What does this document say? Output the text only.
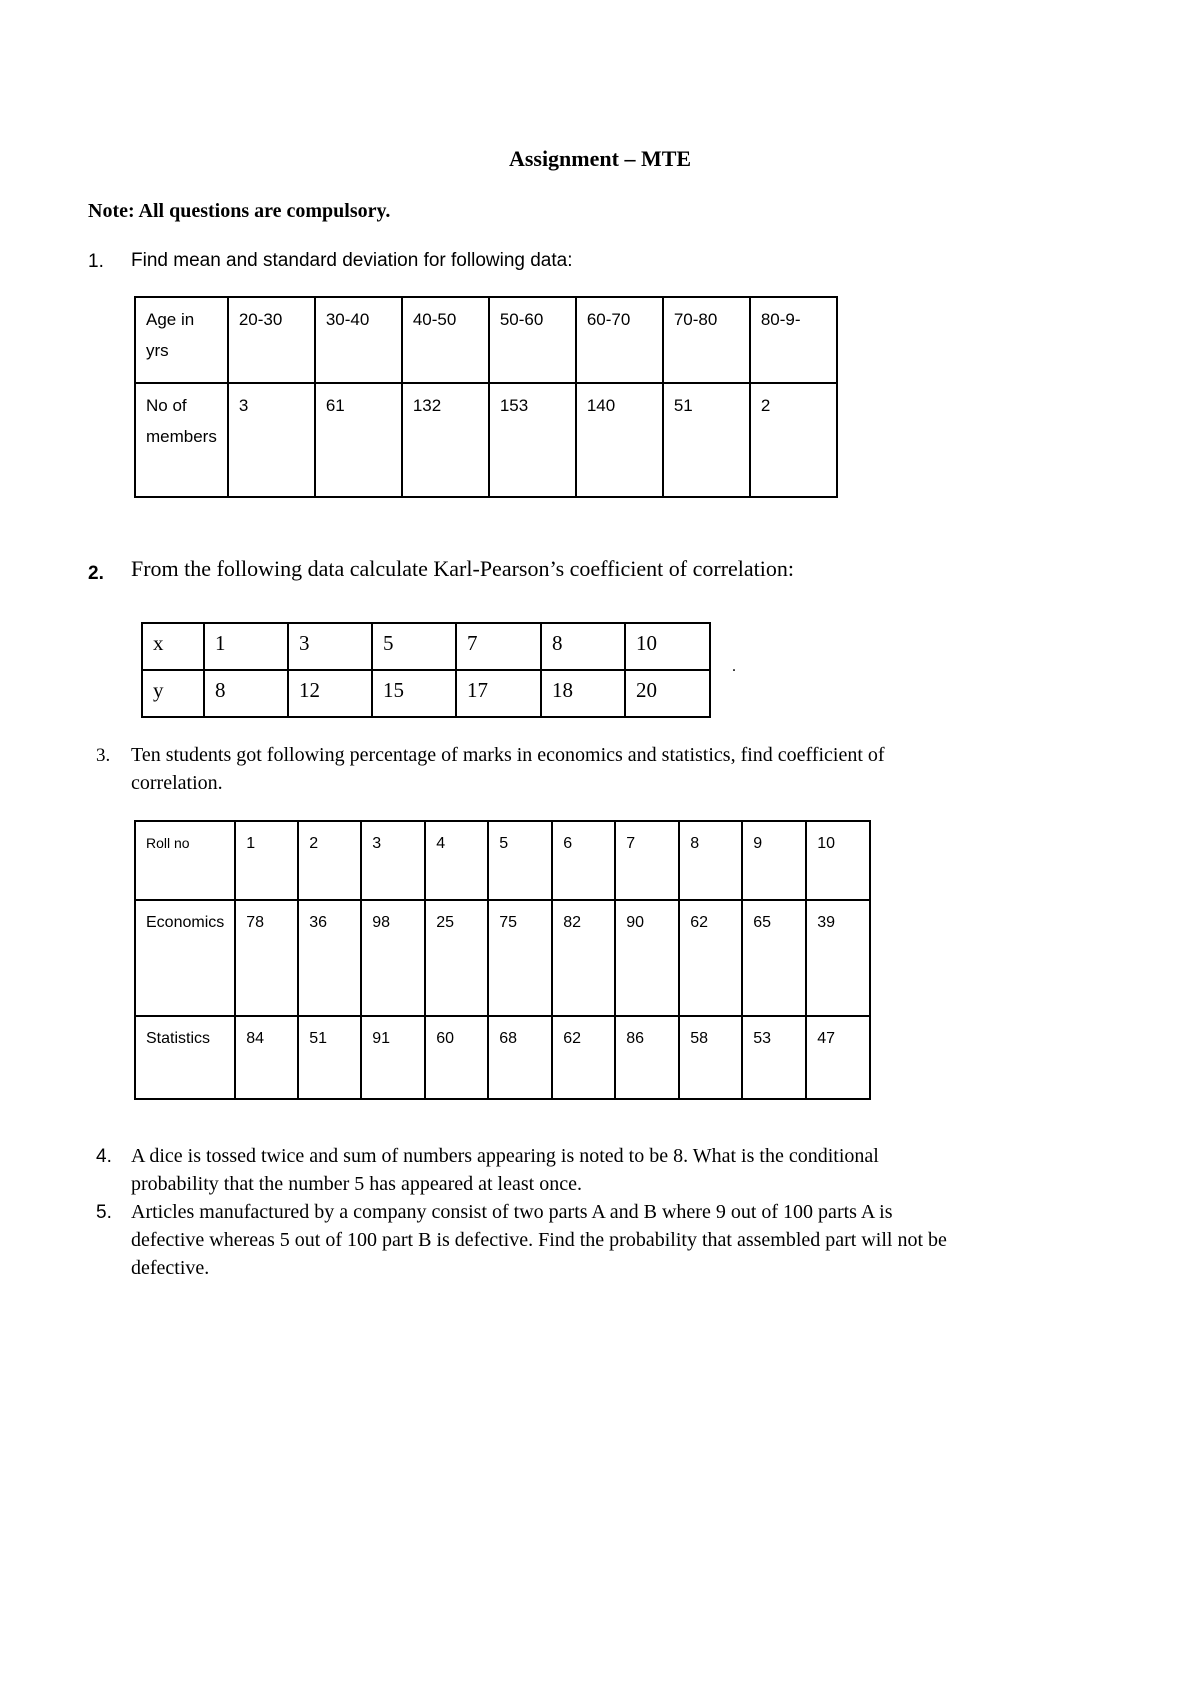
Assignment – MTE
Note: All questions are compulsory.
1. Find mean and standard deviation for following data:
Age in yrs	20-30	30-40	40-50	50-60	60-70	70-80	80-9-
No of members	3	61	132	153	140	51	2
2. From the following data calculate Karl-Pearson’s coefficient of correlation:
x	1	3	5	7	8	10
y	8	12	15	17	18	20
.
3. Ten students got following percentage of marks in economics and statistics, find coefficient of
correlation.
Roll no	1	2	3	4	5	6	7	8	9	10
Economics	78	36	98	25	75	82	90	62	65	39
Statistics	84	51	91	60	68	62	86	58	53	47
4. A dice is tossed twice and sum of numbers appearing is noted to be 8. What is the conditional
probability that the number 5 has appeared at least once.
5. Articles manufactured by a company consist of two parts A and B where 9 out of 100 parts A is
defective whereas 5 out of 100 part B is defective. Find the probability that assembled part will not be
defective.
